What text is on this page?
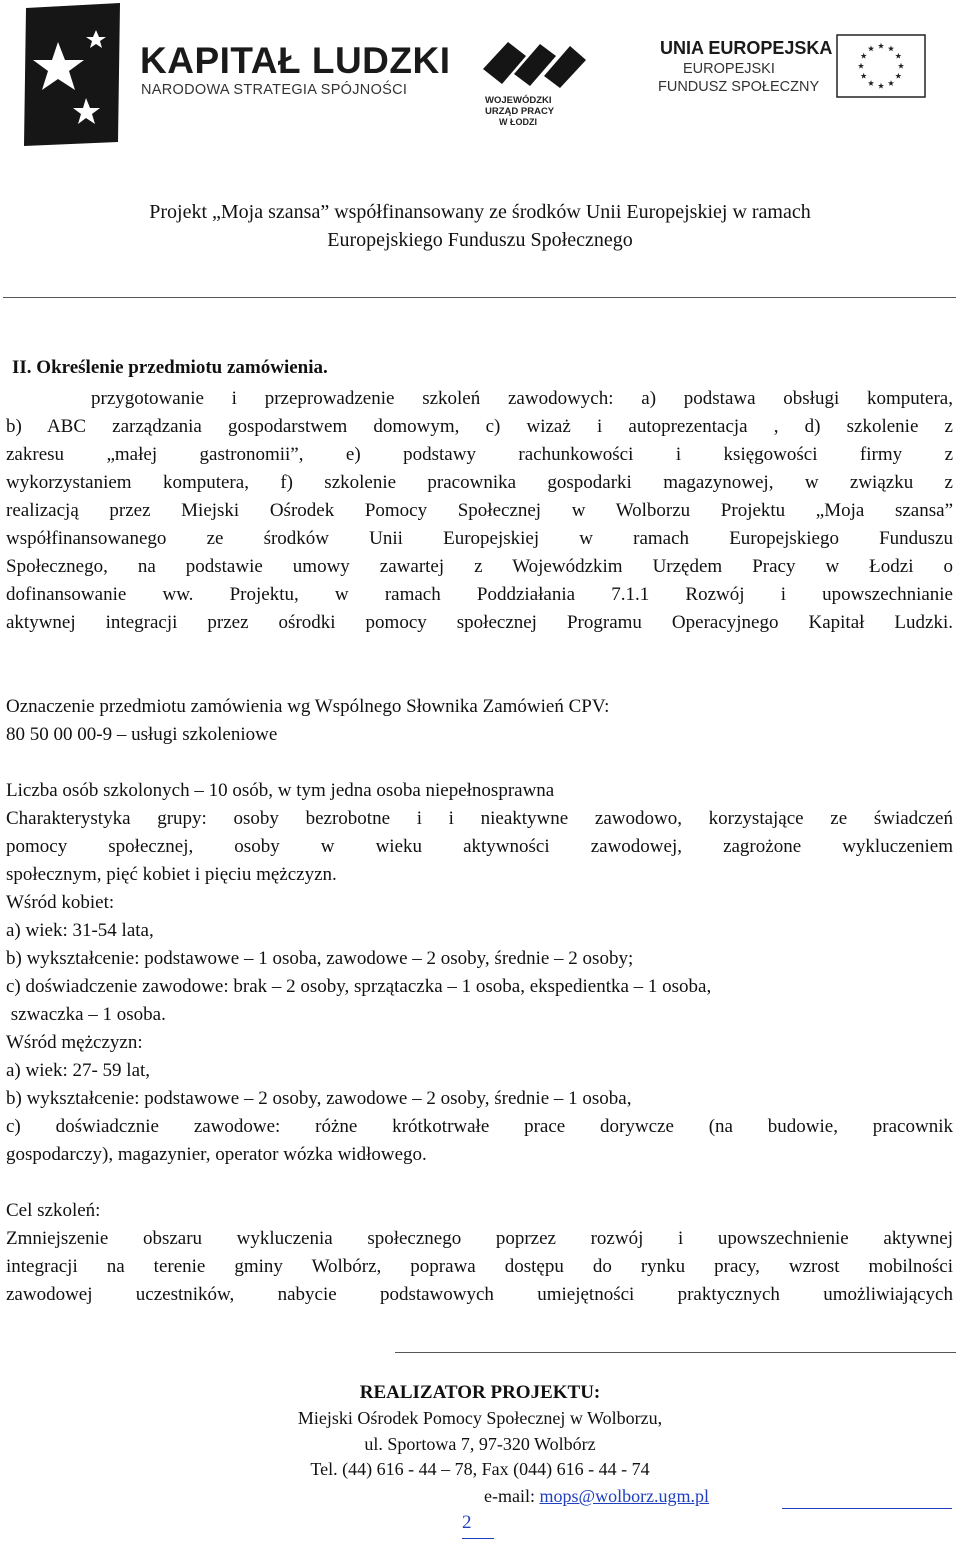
KAPITAŁ LUDZKI
NARODOWA STRATEGIA SPÓJNOŚCI
WOJEWÓDZKI
URZĄD PRACY
W ŁODZI
UNIA EUROPEJSKA
EUROPEJSKI
FUNDUSZ SPOŁECZNY
Projekt „Moja szansa” współfinansowany ze środków Unii Europejskiej w ramach
Europejskiego Funduszu Społecznego
II. Określenie przedmiotu zamówienia.
przygotowanie i przeprowadzenie szkoleń zawodowych: a) podstawa obsługi komputera,
b) ABC zarządzania gospodarstwem domowym, c) wizaż i autoprezentacja , d) szkolenie z
zakresu „małej gastronomii”, e) podstawy rachunkowości i księgowości firmy z
wykorzystaniem komputera, f) szkolenie pracownika gospodarki magazynowej, w związku z
realizacją przez Miejski Ośrodek Pomocy Społecznej w Wolborzu Projektu „Moja szansa”
współfinansowanego ze środków Unii Europejskiej w ramach Europejskiego Funduszu
Społecznego, na podstawie umowy zawartej z Wojewódzkim Urzędem Pracy w Łodzi o
dofinansowanie ww. Projektu, w ramach Poddziałania 7.1.1 Rozwój i upowszechnianie
aktywnej integracji przez ośrodki pomocy społecznej Programu Operacyjnego Kapitał Ludzki.
Oznaczenie przedmiotu zamówienia wg Wspólnego Słownika Zamówień CPV:
80 50 00 00-9 – usługi szkoleniowe
Liczba osób szkolonych – 10 osób, w tym jedna osoba niepełnosprawna
Charakterystyka grupy: osoby bezrobotne i i nieaktywne zawodowo, korzystające ze świadczeń
pomocy społecznej, osoby w wieku aktywności zawodowej, zagrożone wykluczeniem
społecznym, pięć kobiet i pięciu mężczyzn.
Wśród kobiet:
a) wiek: 31-54 lata,
b) wykształcenie: podstawowe – 1 osoba, zawodowe – 2 osoby, średnie – 2 osoby;
c) doświadczenie zawodowe: brak – 2 osoby, sprzątaczka – 1 osoba, ekspedientka – 1 osoba,
szwaczka – 1 osoba.
Wśród mężczyzn:
a) wiek: 27- 59 lat,
b) wykształcenie: podstawowe – 2 osoby, zawodowe – 2 osoby, średnie – 1 osoba,
c) doświadcznie zawodowe: różne krótkotrwałe prace dorywcze (na budowie, pracownik
gospodarczy), magazynier, operator wózka widłowego.
Cel szkoleń:
Zmniejszenie obszaru wykluczenia społecznego poprzez rozwój i upowszechnienie aktywnej
integracji na terenie gminy Wolbórz, poprawa dostępu do rynku pracy, wzrost mobilności
zawodowej uczestników, nabycie podstawowych umiejętności praktycznych umożliwiających
REALIZATOR PROJEKTU:
Miejski Ośrodek Pomocy Społecznej w Wolborzu,
ul. Sportowa 7, 97-320 Wolbórz
Tel. (44) 616 - 44 – 78, Fax (044) 616 - 44 - 74
e-mail: mops@wolborz.ugm.pl
2
